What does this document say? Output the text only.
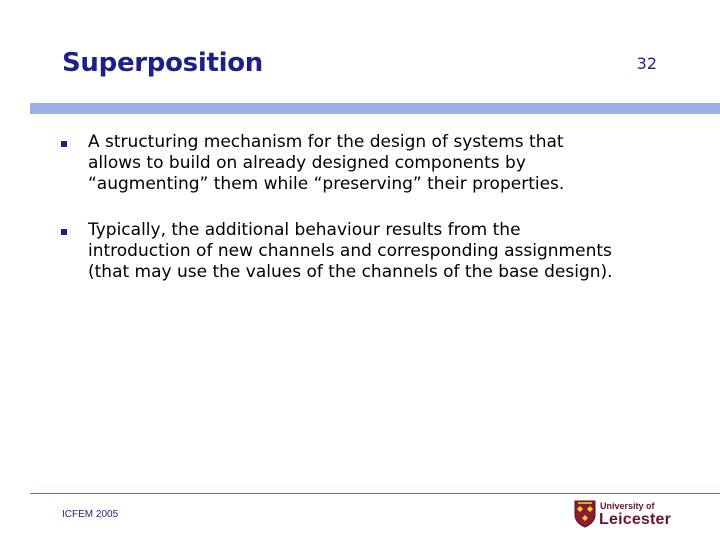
Superposition	32

A structuring mechanism for the design of systems that
allows to build on already designed components by
“augmenting” them while “preserving” their properties.

Typically, the additional behaviour results from the
introduction of new channels and corresponding assignments
(that may use the values of the channels of the base design).

ICFEM 2005
University of
Leicester
